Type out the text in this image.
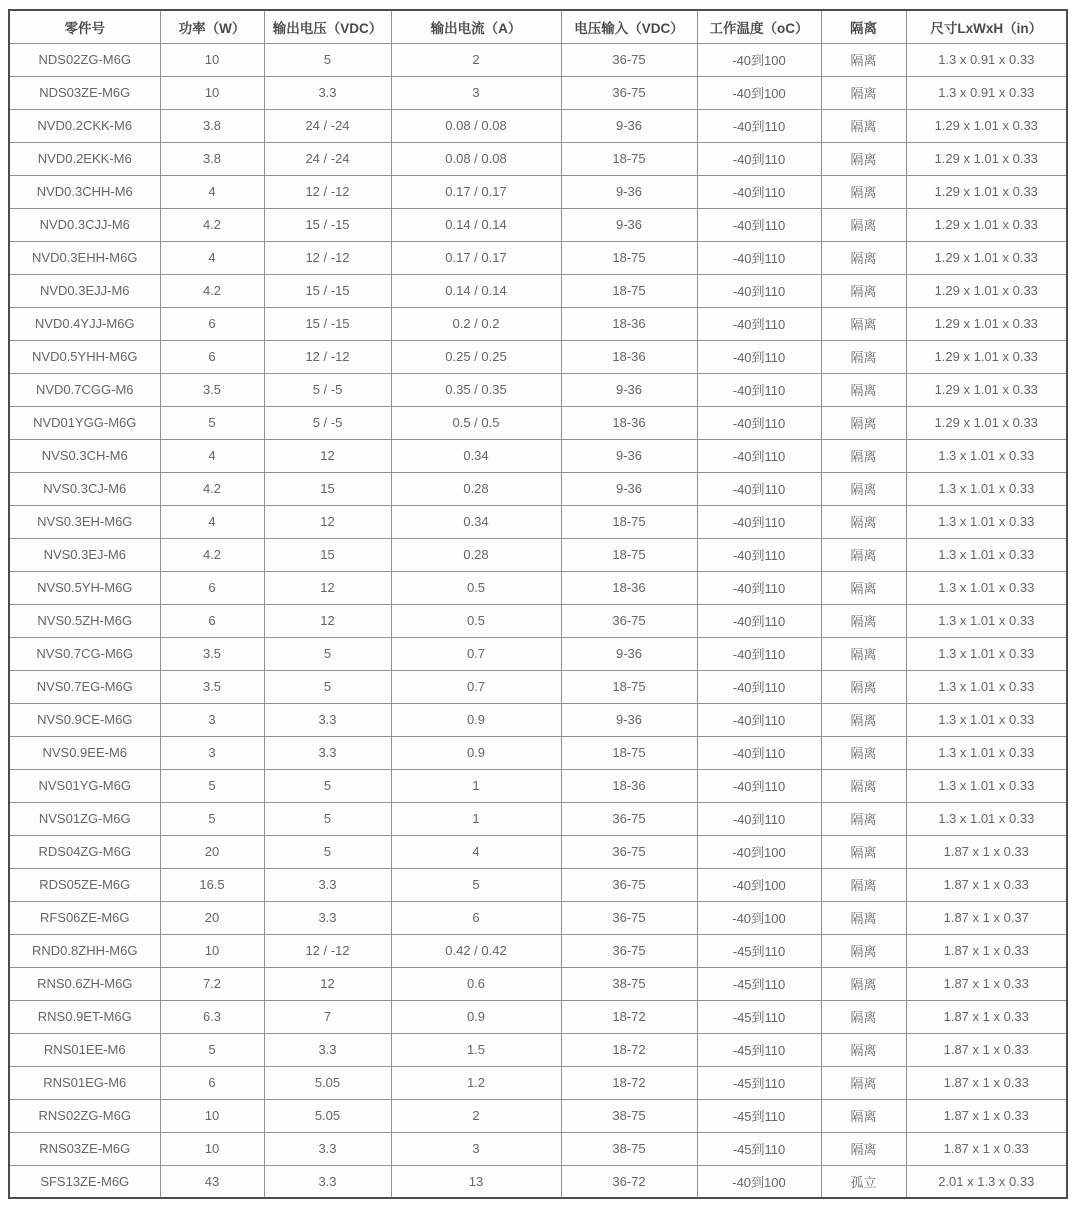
零件号	功率（W）	输出电压（VDC）	输出电流（A）	电压输入（VDC）	工作温度（oC）	隔离	尺寸LxWxH（in）
NDS02ZG-M6G	10	5	2	36-75	-40到100	隔离	1.3 x 0.91 x 0.33
NDS03ZE-M6G	10	3.3	3	36-75	-40到100	隔离	1.3 x 0.91 x 0.33
NVD0.2CKK-M6	3.8	24 / -24	0.08 / 0.08	9-36	-40到110	隔离	1.29 x 1.01 x 0.33
NVD0.2EKK-M6	3.8	24 / -24	0.08 / 0.08	18-75	-40到110	隔离	1.29 x 1.01 x 0.33
NVD0.3CHH-M6	4	12 / -12	0.17 / 0.17	9-36	-40到110	隔离	1.29 x 1.01 x 0.33
NVD0.3CJJ-M6	4.2	15 / -15	0.14 / 0.14	9-36	-40到110	隔离	1.29 x 1.01 x 0.33
NVD0.3EHH-M6G	4	12 / -12	0.17 / 0.17	18-75	-40到110	隔离	1.29 x 1.01 x 0.33
NVD0.3EJJ-M6	4.2	15 / -15	0.14 / 0.14	18-75	-40到110	隔离	1.29 x 1.01 x 0.33
NVD0.4YJJ-M6G	6	15 / -15	0.2 / 0.2	18-36	-40到110	隔离	1.29 x 1.01 x 0.33
NVD0.5YHH-M6G	6	12 / -12	0.25 / 0.25	18-36	-40到110	隔离	1.29 x 1.01 x 0.33
NVD0.7CGG-M6	3.5	5 / -5	0.35 / 0.35	9-36	-40到110	隔离	1.29 x 1.01 x 0.33
NVD01YGG-M6G	5	5 / -5	0.5 / 0.5	18-36	-40到110	隔离	1.29 x 1.01 x 0.33
NVS0.3CH-M6	4	12	0.34	9-36	-40到110	隔离	1.3 x 1.01 x 0.33
NVS0.3CJ-M6	4.2	15	0.28	9-36	-40到110	隔离	1.3 x 1.01 x 0.33
NVS0.3EH-M6G	4	12	0.34	18-75	-40到110	隔离	1.3 x 1.01 x 0.33
NVS0.3EJ-M6	4.2	15	0.28	18-75	-40到110	隔离	1.3 x 1.01 x 0.33
NVS0.5YH-M6G	6	12	0.5	18-36	-40到110	隔离	1.3 x 1.01 x 0.33
NVS0.5ZH-M6G	6	12	0.5	36-75	-40到110	隔离	1.3 x 1.01 x 0.33
NVS0.7CG-M6G	3.5	5	0.7	9-36	-40到110	隔离	1.3 x 1.01 x 0.33
NVS0.7EG-M6G	3.5	5	0.7	18-75	-40到110	隔离	1.3 x 1.01 x 0.33
NVS0.9CE-M6G	3	3.3	0.9	9-36	-40到110	隔离	1.3 x 1.01 x 0.33
NVS0.9EE-M6	3	3.3	0.9	18-75	-40到110	隔离	1.3 x 1.01 x 0.33
NVS01YG-M6G	5	5	1	18-36	-40到110	隔离	1.3 x 1.01 x 0.33
NVS01ZG-M6G	5	5	1	36-75	-40到110	隔离	1.3 x 1.01 x 0.33
RDS04ZG-M6G	20	5	4	36-75	-40到100	隔离	1.87 x 1 x 0.33
RDS05ZE-M6G	16.5	3.3	5	36-75	-40到100	隔离	1.87 x 1 x 0.33
RFS06ZE-M6G	20	3.3	6	36-75	-40到100	隔离	1.87 x 1 x 0.37
RND0.8ZHH-M6G	10	12 / -12	0.42 / 0.42	36-75	-45到110	隔离	1.87 x 1 x 0.33
RNS0.6ZH-M6G	7.2	12	0.6	38-75	-45到110	隔离	1.87 x 1 x 0.33
RNS0.9ET-M6G	6.3	7	0.9	18-72	-45到110	隔离	1.87 x 1 x 0.33
RNS01EE-M6	5	3.3	1.5	18-72	-45到110	隔离	1.87 x 1 x 0.33
RNS01EG-M6	6	5.05	1.2	18-72	-45到110	隔离	1.87 x 1 x 0.33
RNS02ZG-M6G	10	5.05	2	38-75	-45到110	隔离	1.87 x 1 x 0.33
RNS03ZE-M6G	10	3.3	3	38-75	-45到110	隔离	1.87 x 1 x 0.33
SFS13ZE-M6G	43	3.3	13	36-72	-40到100	孤立	2.01 x 1.3 x 0.33
